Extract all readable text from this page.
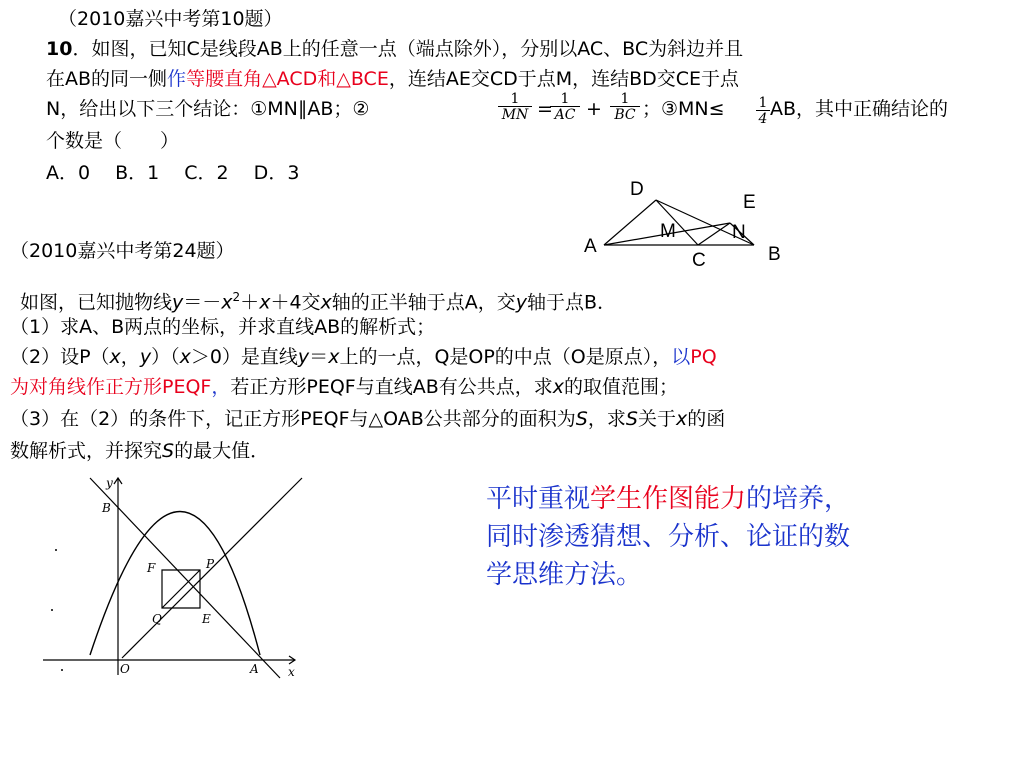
（2010嘉兴中考第10题）
10．如图，已知C是线段AB上的任意一点（端点除外），分别以AC、BC为斜边并且
在AB的同一侧作等腰直角△ACD和△BCE，连结AE交CD于点M，连结BD交CE于点
N，给出以下三个结论：①MN∥AB；②	1
MN = 1
AC +	1
BC ；③MN≤ 1
4 AB，其中正确结论的
个数是（　　）
A．0　 B．1　 C．2　 D．3
D
E
M	N
A	B
C
（2010嘉兴中考第24题）
如图，已知抛物线$y=-x^2+x+4$交x轴的正半轴于点A，交y轴于点B．
（1）求A、B两点的坐标，并求直线AB的解析式；
（2）设P（x，y）（x＞0）是直线y＝x上的一点，Q是OP的中点（O是原点），以PQ
为对角线作正方形PEQF，若正方形PEQF与直线AB有公共点，求x的取值范围；
（3）在（2）的条件下，记正方形PEQF与△OAB公共部分的面积为S，求S关于x的函
数解析式，并探究S的最大值．
y
x
O	A
B
F	P
Q	E
平时重视学生作图能力的培养，
同时渗透猜想、分析、论证的数
学思维方法。
